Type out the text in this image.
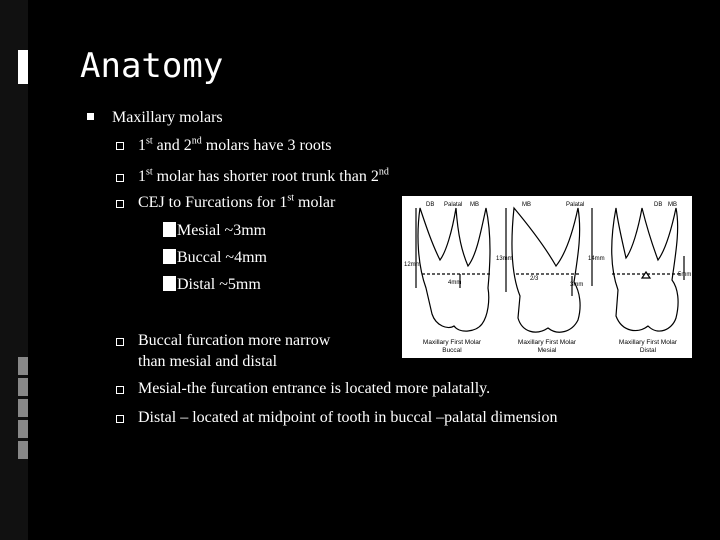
Anatomy
Maxillary molars
1st and 2nd molars have 3 roots
1st molar has shorter root trunk than 2nd
CEJ to Furcations for 1st molar
Mesial ~3mm
Buccal ~4mm
Distal ~5mm
Buccal furcation more narrow
than mesial and distal
Mesial-the furcation entrance is located more palatally.
Distal – located at midpoint of tooth in buccal –palatal dimension
DB Palatal MB	MB	Palatal	DB MB
12mm
4mm
13mm	14mm
2/3
3mm
5mm
Maxillary First Molar
Buccal
Maxillary First Molar
Mesial
Maxillary First Molar
Distal
